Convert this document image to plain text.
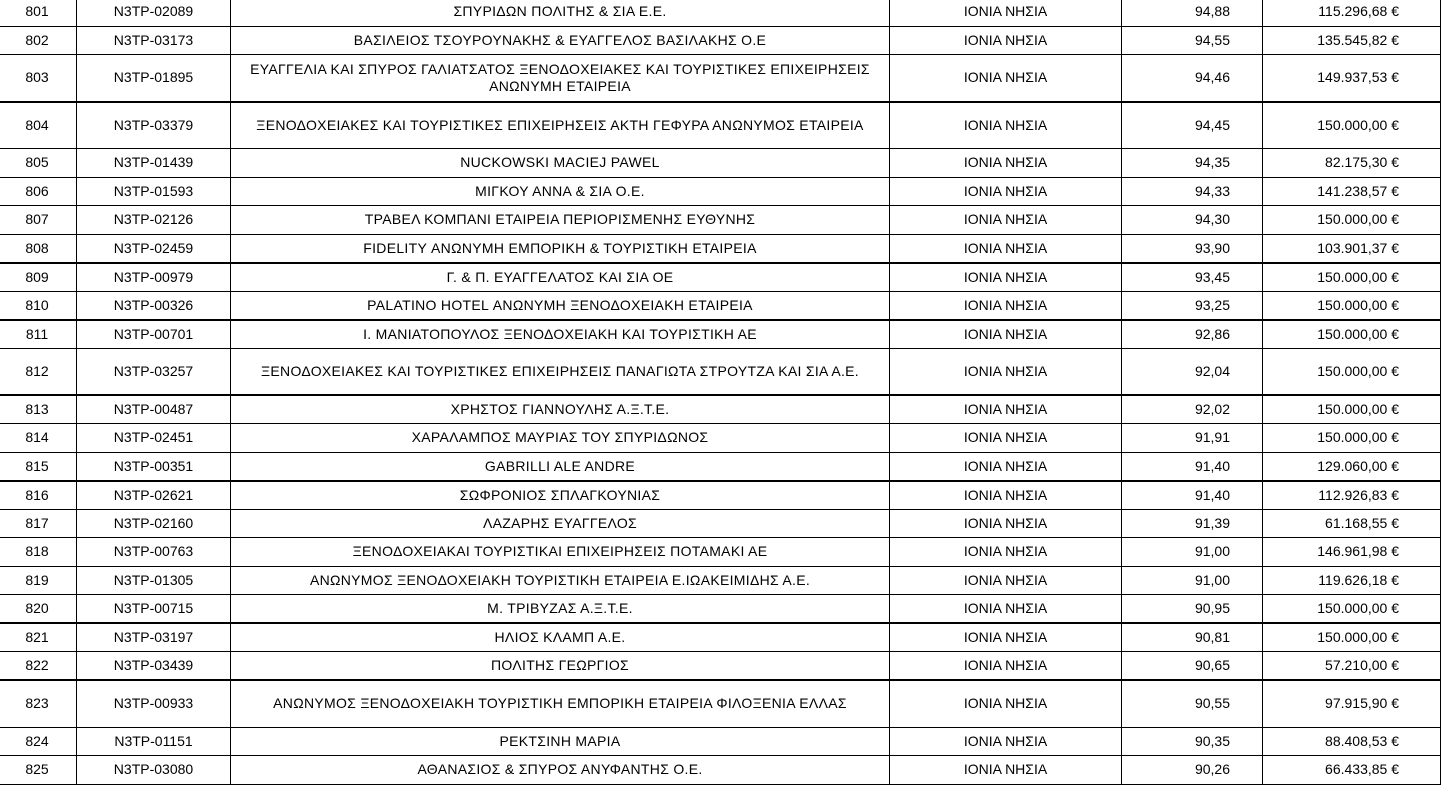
801	N3TP-02089	ΣΠΥΡΙΔΩΝ ΠΟΛΙΤΗΣ & ΣΙΑ Ε.Ε.	ΙΟΝΙΑ ΝΗΣΙΑ	94,88	115.296,68 €
802	N3TP-03173	ΒΑΣΙΛΕΙΟΣ ΤΣΟΥΡΟΥΝΑΚΗΣ & ΕΥΑΓΓΕΛΟΣ ΒΑΣΙΛΑΚΗΣ Ο.Ε	ΙΟΝΙΑ ΝΗΣΙΑ	94,55	135.545,82 €
803	N3TP-01895	ΕΥΑΓΓΕΛΙΑ ΚΑΙ ΣΠΥΡΟΣ ΓΑΛΙΑΤΣΑΤΟΣ ΞΕΝΟΔΟΧΕΙΑΚΕΣ ΚΑΙ ΤΟΥΡΙΣΤΙΚΕΣ ΕΠΙΧΕΙΡΗΣΕΙΣ ΑΝΩΝΥΜΗ ΕΤΑΙΡΕΙΑ	ΙΟΝΙΑ ΝΗΣΙΑ	94,46	149.937,53 €
804	N3TP-03379	ΞΕΝΟΔΟΧΕΙΑΚΕΣ ΚΑΙ ΤΟΥΡΙΣΤΙΚΕΣ ΕΠΙΧΕΙΡΗΣΕΙΣ ΑΚΤΗ ΓΕΦΥΡΑ ΑΝΩΝΥΜΟΣ ΕΤΑΙΡΕΙΑ	ΙΟΝΙΑ ΝΗΣΙΑ	94,45	150.000,00 €
805	N3TP-01439	NUCKOWSKI MACIEJ PAWEL	ΙΟΝΙΑ ΝΗΣΙΑ	94,35	82.175,30 €
806	N3TP-01593	ΜΙΓΚΟΥ ΑΝΝΑ & ΣΙΑ Ο.Ε.	ΙΟΝΙΑ ΝΗΣΙΑ	94,33	141.238,57 €
807	N3TP-02126	ΤΡΑΒΕΛ ΚΟΜΠΑΝΙ ΕΤΑΙΡΕΙΑ ΠΕΡΙΟΡΙΣΜΕΝΗΣ ΕΥΘΥΝΗΣ	ΙΟΝΙΑ ΝΗΣΙΑ	94,30	150.000,00 €
808	N3TP-02459	FIDELITY ΑΝΩΝΥΜΗ ΕΜΠΟΡΙΚΗ & ΤΟΥΡΙΣΤΙΚΗ ΕΤΑΙΡΕΙΑ	ΙΟΝΙΑ ΝΗΣΙΑ	93,90	103.901,37 €
809	N3TP-00979	Γ. & Π. ΕΥΑΓΓΕΛΑΤΟΣ ΚΑΙ ΣΙΑ ΟΕ	ΙΟΝΙΑ ΝΗΣΙΑ	93,45	150.000,00 €
810	N3TP-00326	PALATINO HOTEL ΑΝΩΝΥΜΗ ΞΕΝΟΔΟΧΕΙΑΚΗ ΕΤΑΙΡΕΙΑ	ΙΟΝΙΑ ΝΗΣΙΑ	93,25	150.000,00 €
811	N3TP-00701	Ι. ΜΑΝΙΑΤΟΠΟΥΛΟΣ ΞΕΝΟΔΟΧΕΙΑΚΗ ΚΑΙ ΤΟΥΡΙΣΤΙΚΗ ΑΕ	ΙΟΝΙΑ ΝΗΣΙΑ	92,86	150.000,00 €
812	N3TP-03257	ΞΕΝΟΔΟΧΕΙΑΚΕΣ ΚΑΙ ΤΟΥΡΙΣΤΙΚΕΣ ΕΠΙΧΕΙΡΗΣΕΙΣ ΠΑΝΑΓΙΩΤΑ ΣΤΡΟΥΤΖΑ ΚΑΙ ΣΙΑ Α.Ε.	ΙΟΝΙΑ ΝΗΣΙΑ	92,04	150.000,00 €
813	N3TP-00487	ΧΡΗΣΤΟΣ ΓΙΑΝΝΟΥΛΗΣ Α.Ξ.Τ.Ε.	ΙΟΝΙΑ ΝΗΣΙΑ	92,02	150.000,00 €
814	N3TP-02451	ΧΑΡΑΛΑΜΠΟΣ ΜΑΥΡΙΑΣ ΤΟΥ ΣΠΥΡΙΔΩΝΟΣ	ΙΟΝΙΑ ΝΗΣΙΑ	91,91	150.000,00 €
815	N3TP-00351	GABRILLI ALE ANDRE	ΙΟΝΙΑ ΝΗΣΙΑ	91,40	129.060,00 €
816	N3TP-02621	ΣΩΦΡΟΝΙΟΣ ΣΠΛΑΓΚΟΥΝΙΑΣ	ΙΟΝΙΑ ΝΗΣΙΑ	91,40	112.926,83 €
817	N3TP-02160	ΛΑΖΑΡΗΣ ΕΥΑΓΓΕΛΟΣ	ΙΟΝΙΑ ΝΗΣΙΑ	91,39	61.168,55 €
818	N3TP-00763	ΞΕΝΟΔΟΧΕΙΑΚΑΙ ΤΟΥΡΙΣΤΙΚΑΙ ΕΠΙΧΕΙΡΗΣΕΙΣ ΠΟΤΑΜΑΚΙ ΑΕ	ΙΟΝΙΑ ΝΗΣΙΑ	91,00	146.961,98 €
819	N3TP-01305	ΑΝΩΝΥΜΟΣ ΞΕΝΟΔΟΧΕΙΑΚΗ ΤΟΥΡΙΣΤΙΚΗ ΕΤΑΙΡΕΙΑ Ε.ΙΩΑΚΕΙΜΙΔΗΣ Α.Ε.	ΙΟΝΙΑ ΝΗΣΙΑ	91,00	119.626,18 €
820	N3TP-00715	Μ. ΤΡΙΒΥΖΑΣ Α.Ξ.Τ.Ε.	ΙΟΝΙΑ ΝΗΣΙΑ	90,95	150.000,00 €
821	N3TP-03197	ΗΛΙΟΣ ΚΛΑΜΠ Α.Ε.	ΙΟΝΙΑ ΝΗΣΙΑ	90,81	150.000,00 €
822	N3TP-03439	ΠΟΛΙΤΗΣ ΓΕΩΡΓΙΟΣ	ΙΟΝΙΑ ΝΗΣΙΑ	90,65	57.210,00 €
823	N3TP-00933	ΑΝΩΝΥΜΟΣ ΞΕΝΟΔΟΧΕΙΑΚΗ ΤΟΥΡΙΣΤΙΚΗ ΕΜΠΟΡΙΚΗ ΕΤΑΙΡΕΙΑ ΦΙΛΟΞΕΝΙΑ ΕΛΛΑΣ	ΙΟΝΙΑ ΝΗΣΙΑ	90,55	97.915,90 €
824	N3TP-01151	ΡΕΚΤΣΙΝΗ ΜΑΡΙΑ	ΙΟΝΙΑ ΝΗΣΙΑ	90,35	88.408,53 €
825	N3TP-03080	ΑΘΑΝΑΣΙΟΣ & ΣΠΥΡΟΣ ΑΝΥΦΑΝΤΗΣ Ο.Ε.	ΙΟΝΙΑ ΝΗΣΙΑ	90,26	66.433,85 €
